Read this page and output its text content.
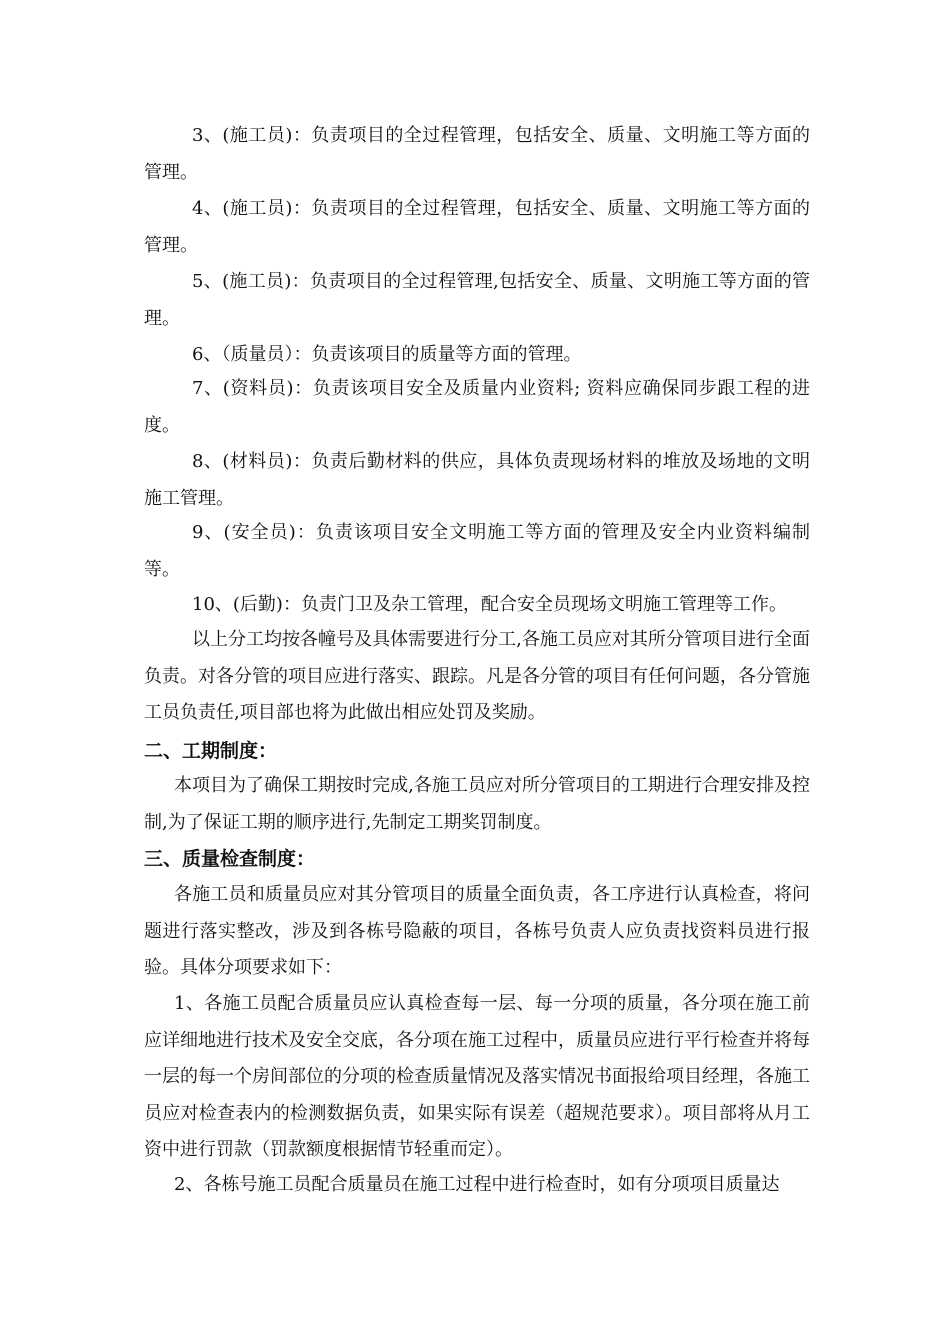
3、(施工员)：负责项目的全过程管理，包括安全、质量、文明施工等方面的管理。

4、(施工员)：负责项目的全过程管理，包括安全、质量、文明施工等方面的管理。

5、(施工员)：负责项目的全过程管理,包括安全、质量、文明施工等方面的管理。

6、（质量员）：负责该项目的质量等方面的管理。

7、(资料员)：负责该项目安全及质量内业资料; 资料应确保同步跟工程的进度。

8、(材料员)：负责后勤材料的供应，具体负责现场材料的堆放及场地的文明施工管理。

9、(安全员)：负责该项目安全文明施工等方面的管理及安全内业资料编制等。

10、(后勤)：负责门卫及杂工管理，配合安全员现场文明施工管理等工作。

以上分工均按各幢号及具体需要进行分工,各施工员应对其所分管项目进行全面负责。对各分管的项目应进行落实、跟踪。凡是各分管的项目有任何问题，各分管施工员负责任,项目部也将为此做出相应处罚及奖励。

二、工期制度：

本项目为了确保工期按时完成,各施工员应对所分管项目的工期进行合理安排及控制,为了保证工期的顺序进行,先制定工期奖罚制度。

三、质量检查制度：

各施工员和质量员应对其分管项目的质量全面负责，各工序进行认真检查，将问题进行落实整改，涉及到各栋号隐蔽的项目，各栋号负责人应负责找资料员进行报验。具体分项要求如下：

1、各施工员配合质量员应认真检查每一层、每一分项的质量，各分项在施工前应详细地进行技术及安全交底，各分项在施工过程中，质量员应进行平行检查并将每一层的每一个房间部位的分项的检查质量情况及落实情况书面报给项目经理，各施工员应对检查表内的检测数据负责，如果实际有误差（超规范要求）。项目部将从月工资中进行罚款（罚款额度根据情节轻重而定）。

2、各栋号施工员配合质量员在施工过程中进行检查时，如有分项项目质量达
